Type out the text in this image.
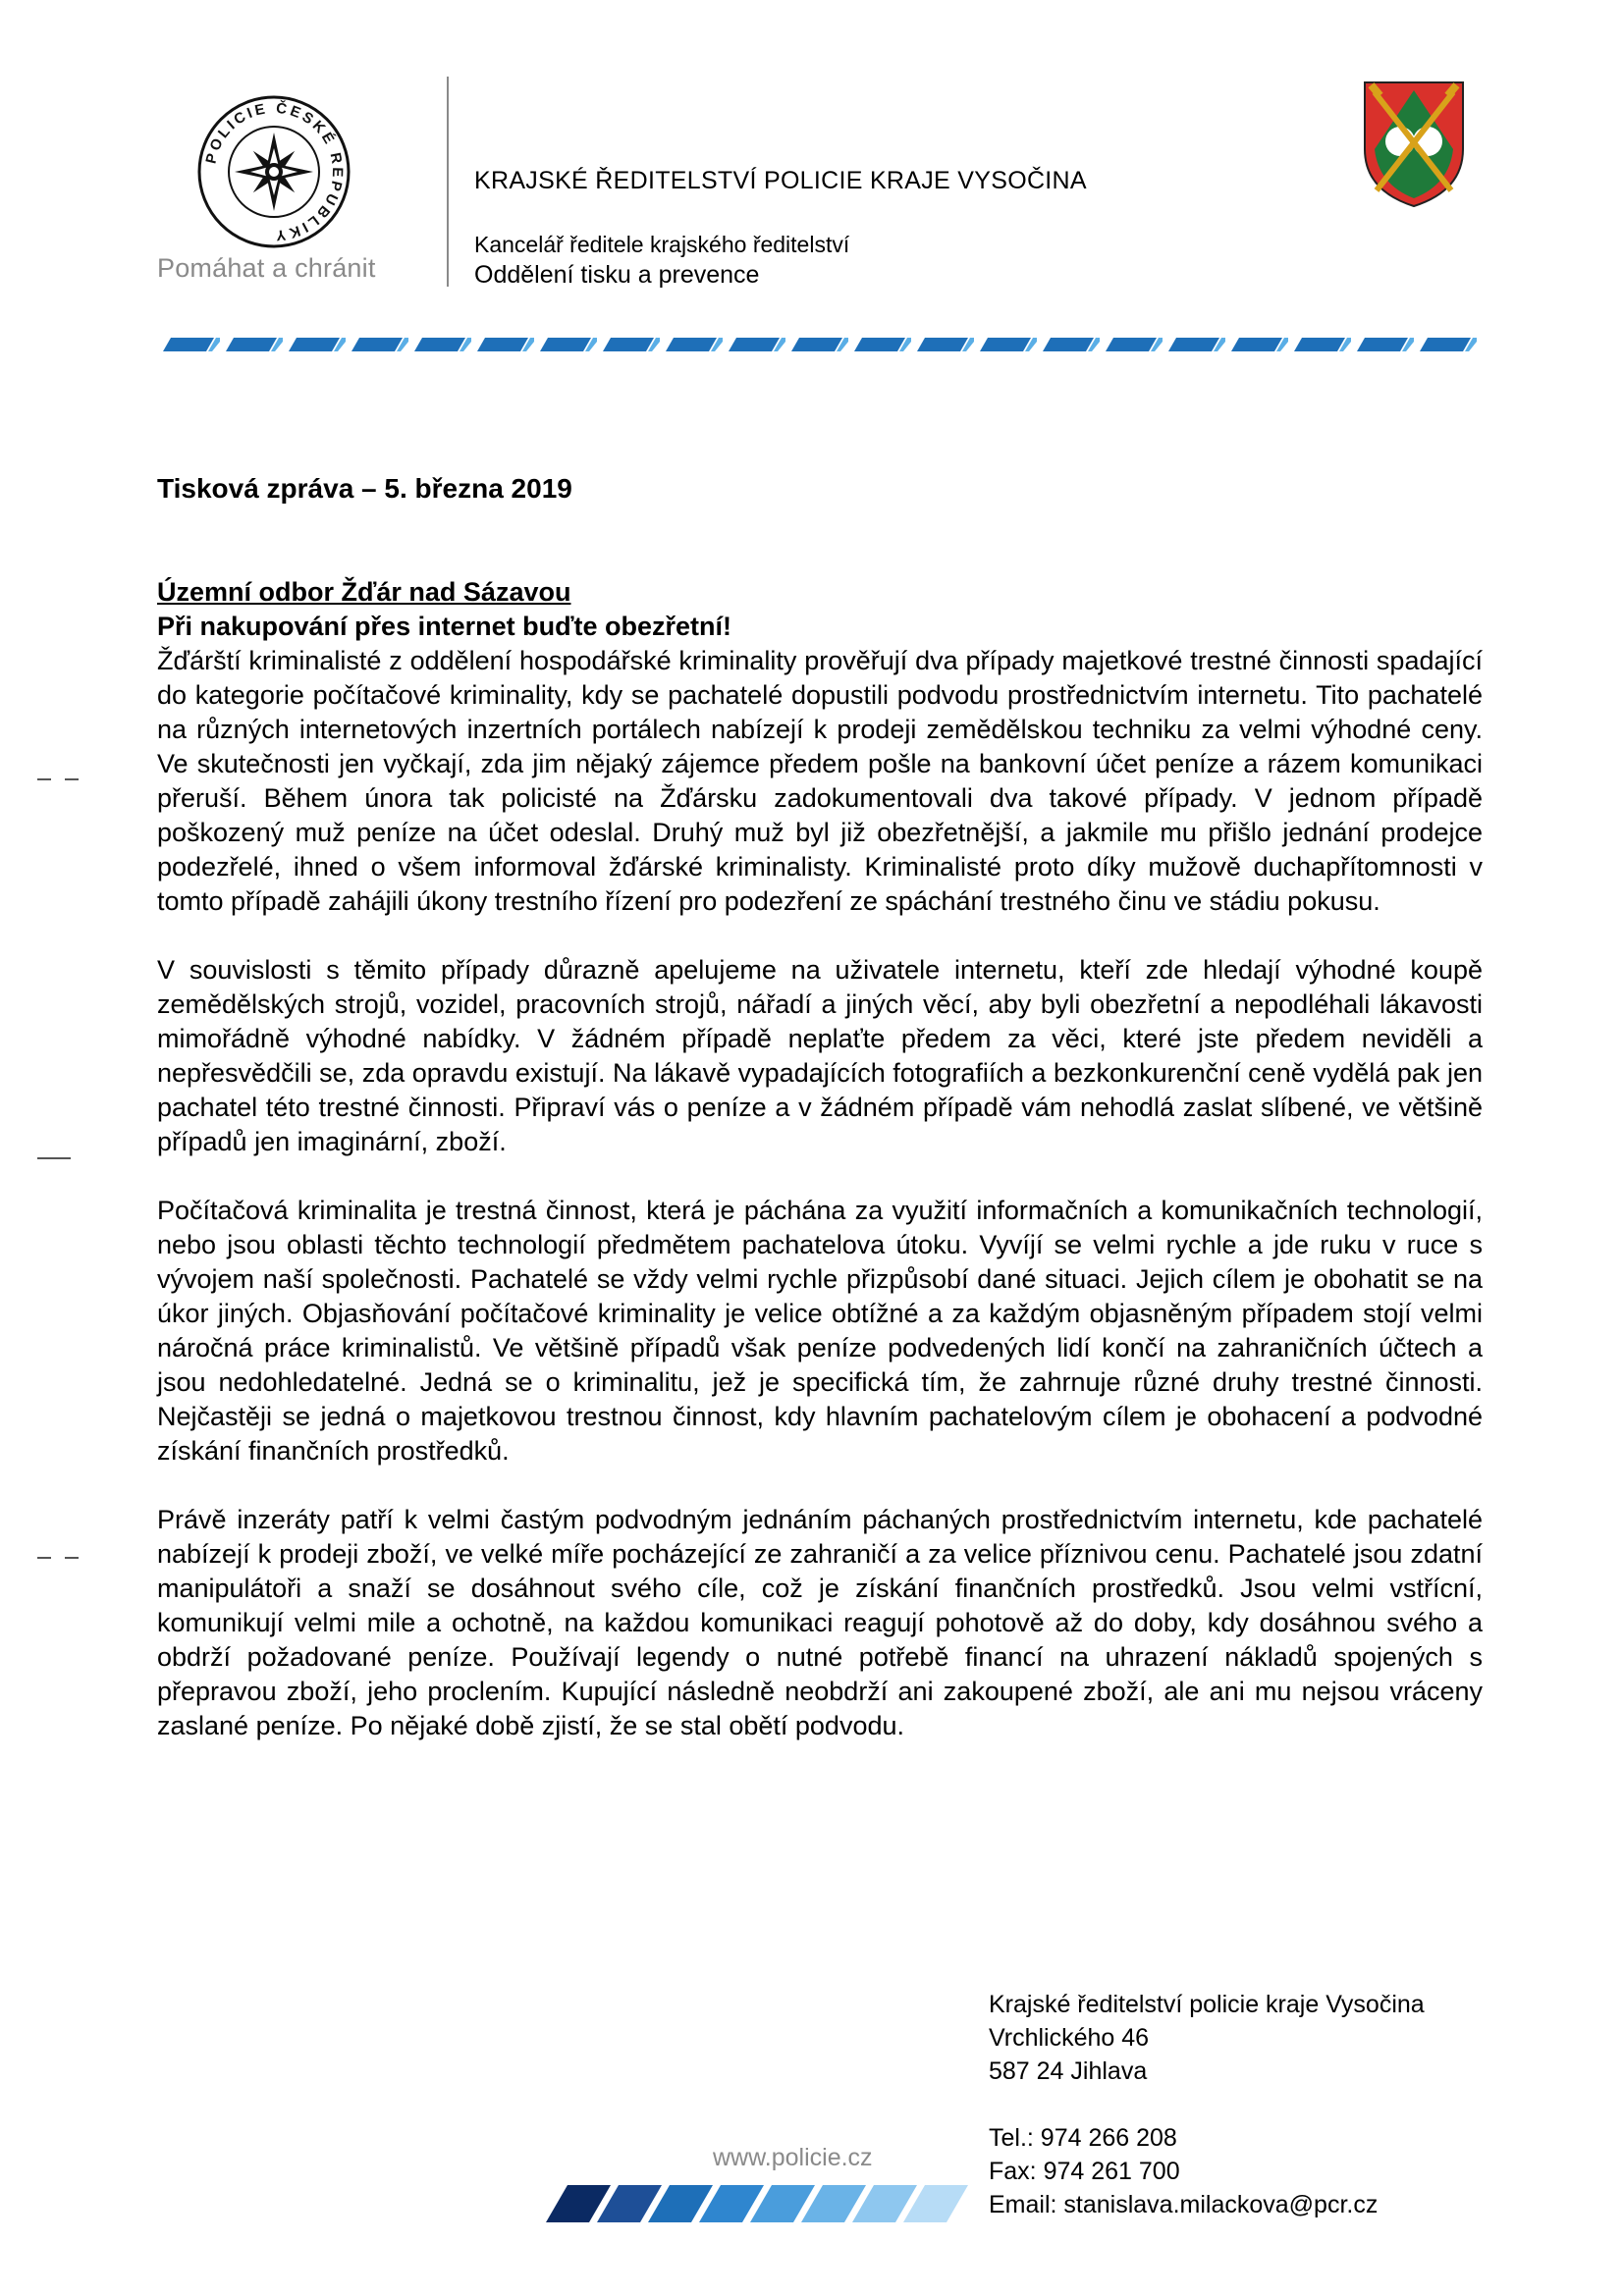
POLICIE ČESKÉ REPUBLIKY
Pomáhat a chránit
KRAJSKÉ ŘEDITELSTVÍ POLICIE KRAJE VYSOČINA
Kancelář ředitele krajského ředitelství
Oddělení tisku a prevence
Tisková zpráva – 5. března 2019
Územní odbor Žďár nad Sázavou
Při nakupování přes internet buďte obezřetní!

Žďárští kriminalisté z oddělení hospodářské kriminality prověřují dva případy majetkové trestné činnosti spadající do kategorie počítačové kriminality, kdy se pachatelé dopustili podvodu prostřednictvím internetu. Tito pachatelé na různých internetových inzertních portálech nabízejí k prodeji zemědělskou techniku za velmi výhodné ceny. Ve skutečnosti jen vyčkají, zda jim nějaký zájemce předem pošle na bankovní účet peníze a rázem komunikaci přeruší. Během února tak policisté na Žďársku zadokumentovali dva takové případy. V jednom případě poškozený muž peníze na účet odeslal. Druhý muž byl již obezřetnější, a jakmile mu přišlo jednání prodejce podezřelé, ihned o všem informoval žďárské kriminalisty. Kriminalisté proto díky mužově duchapřítomnosti v tomto případě zahájili úkony trestního řízení pro podezření ze spáchání trestného činu ve stádiu pokusu.

V souvislosti s těmito případy důrazně apelujeme na uživatele internetu, kteří zde hledají výhodné koupě zemědělských strojů, vozidel, pracovních strojů, nářadí a jiných věcí, aby byli obezřetní a nepodléhali lákavosti mimořádně výhodné nabídky. V žádném případě neplaťte předem za věci, které jste předem neviděli a nepřesvědčili se, zda opravdu existují. Na lákavě vypadajících fotografiích a bezkonkurenční ceně vydělá pak jen pachatel této trestné činnosti. Připraví vás o peníze a v žádném případě vám nehodlá zaslat slíbené, ve většině případů jen imaginární, zboží.

Počítačová kriminalita je trestná činnost, která je páchána za využití informačních a komunikačních technologií, nebo jsou oblasti těchto technologií předmětem pachatelova útoku. Vyvíjí se velmi rychle a jde ruku v ruce s vývojem naší společnosti. Pachatelé se vždy velmi rychle přizpůsobí dané situaci. Jejich cílem je obohatit se na úkor jiných. Objasňování počítačové kriminality je velice obtížné a za každým objasněným případem stojí velmi náročná práce kriminalistů. Ve většině případů však peníze podvedených lidí končí na zahraničních účtech a jsou nedohledatelné. Jedná se o kriminalitu, jež je specifická tím, že zahrnuje různé druhy trestné činnosti. Nejčastěji se jedná o majetkovou trestnou činnost, kdy hlavním pachatelovým cílem je obohacení a podvodné získání finančních prostředků.

Právě inzeráty patří k velmi častým podvodným jednáním páchaných prostřednictvím internetu, kde pachatelé nabízejí k prodeji zboží, ve velké míře pocházející ze zahraničí a za velice příznivou cenu. Pachatelé jsou zdatní manipulátoři a snaží se dosáhnout svého cíle, což je získání finančních prostředků. Jsou velmi vstřícní, komunikují velmi mile a ochotně, na každou komunikaci reagují pohotově až do doby, kdy dosáhnou svého a obdrží požadované peníze. Používají legendy o nutné potřebě financí na uhrazení nákladů spojených s přepravou zboží, jeho proclením. Kupující následně neobdrží ani zakoupené zboží, ale ani mu nejsou vráceny zaslané peníze. Po nějaké době zjistí, že se stal obětí podvodu.

www.policie.cz
Krajské ředitelství policie kraje Vysočina
Vrchlického 46
587 24 Jihlava
Tel.: 974 266 208
Fax: 974 261 700
Email: stanislava.milackova@pcr.cz
